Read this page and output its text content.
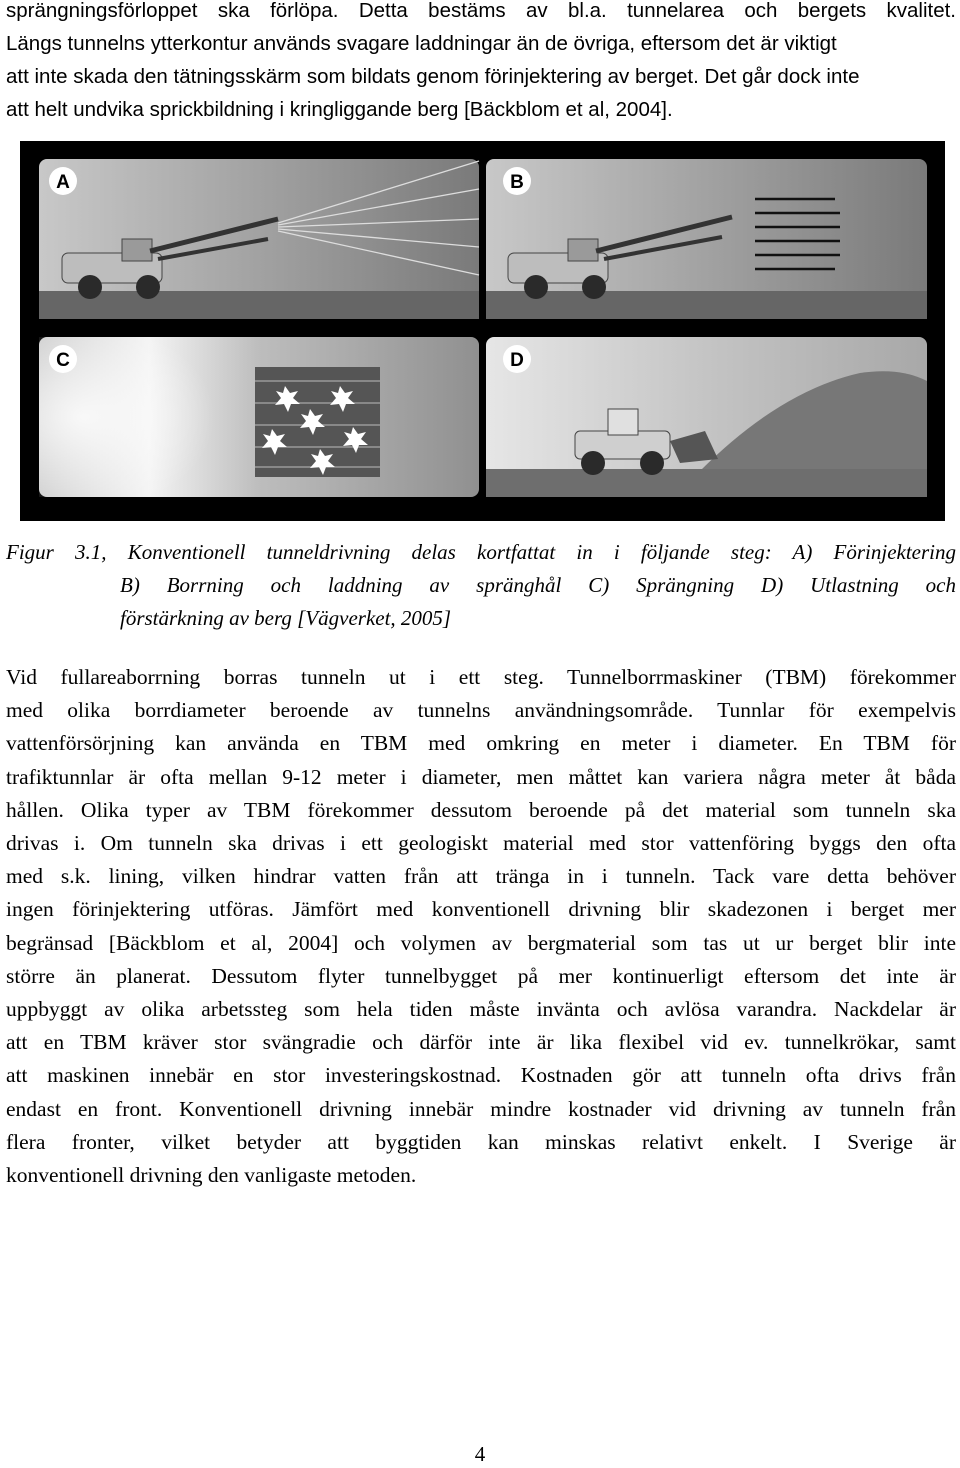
sprängningsförloppet ska förlöpa. Detta bestäms av bl.a. tunnelarea och bergets kvalitet.
Längs tunnelns ytterkontur används svagare laddningar än de övriga, eftersom det är viktigt
att inte skada den tätningsskärm som bildats genom förinjektering av berget. Det går dock inte
att helt undvika sprickbildning i kringliggande berg [Bäckblom et al, 2004].
A	B
C	D
Figur 3.1, Konventionell tunneldrivning delas kortfattat in i följande steg: A) Förinjektering
B) Borrning och laddning av spränghål C) Sprängning D) Utlastning och
förstärkning av berg [Vägverket, 2005]
Vid fullareaborrning borras tunneln ut i ett steg. Tunnelborrmaskiner (TBM) förekommer
med olika borrdiameter beroende av tunnelns användningsområde. Tunnlar för exempelvis
vattenförsörjning kan använda en TBM med omkring en meter i diameter. En TBM för
trafiktunnlar är ofta mellan 9-12 meter i diameter, men måttet kan variera några meter åt båda
hållen. Olika typer av TBM förekommer dessutom beroende på det material som tunneln ska
drivas i. Om tunneln ska drivas i ett geologiskt material med stor vattenföring byggs den ofta
med s.k. lining, vilken hindrar vatten från att tränga in i tunneln. Tack vare detta behöver
ingen förinjektering utföras. Jämfört med konventionell drivning blir skadezonen i berget mer
begränsad [Bäckblom et al, 2004] och volymen av bergmaterial som tas ut ur berget blir inte
större än planerat. Dessutom flyter tunnelbygget på mer kontinuerligt eftersom det inte är
uppbyggt av olika arbetssteg som hela tiden måste invänta och avlösa varandra. Nackdelar är
att en TBM kräver stor svängradie och därför inte är lika flexibel vid ev. tunnelkrökar, samt
att maskinen innebär en stor investeringskostnad. Kostnaden gör att tunneln ofta drivs från
endast en front. Konventionell drivning innebär mindre kostnader vid drivning av tunneln från
flera fronter, vilket betyder att byggtiden kan minskas relativt enkelt. I Sverige är
konventionell drivning den vanligaste metoden.
4
